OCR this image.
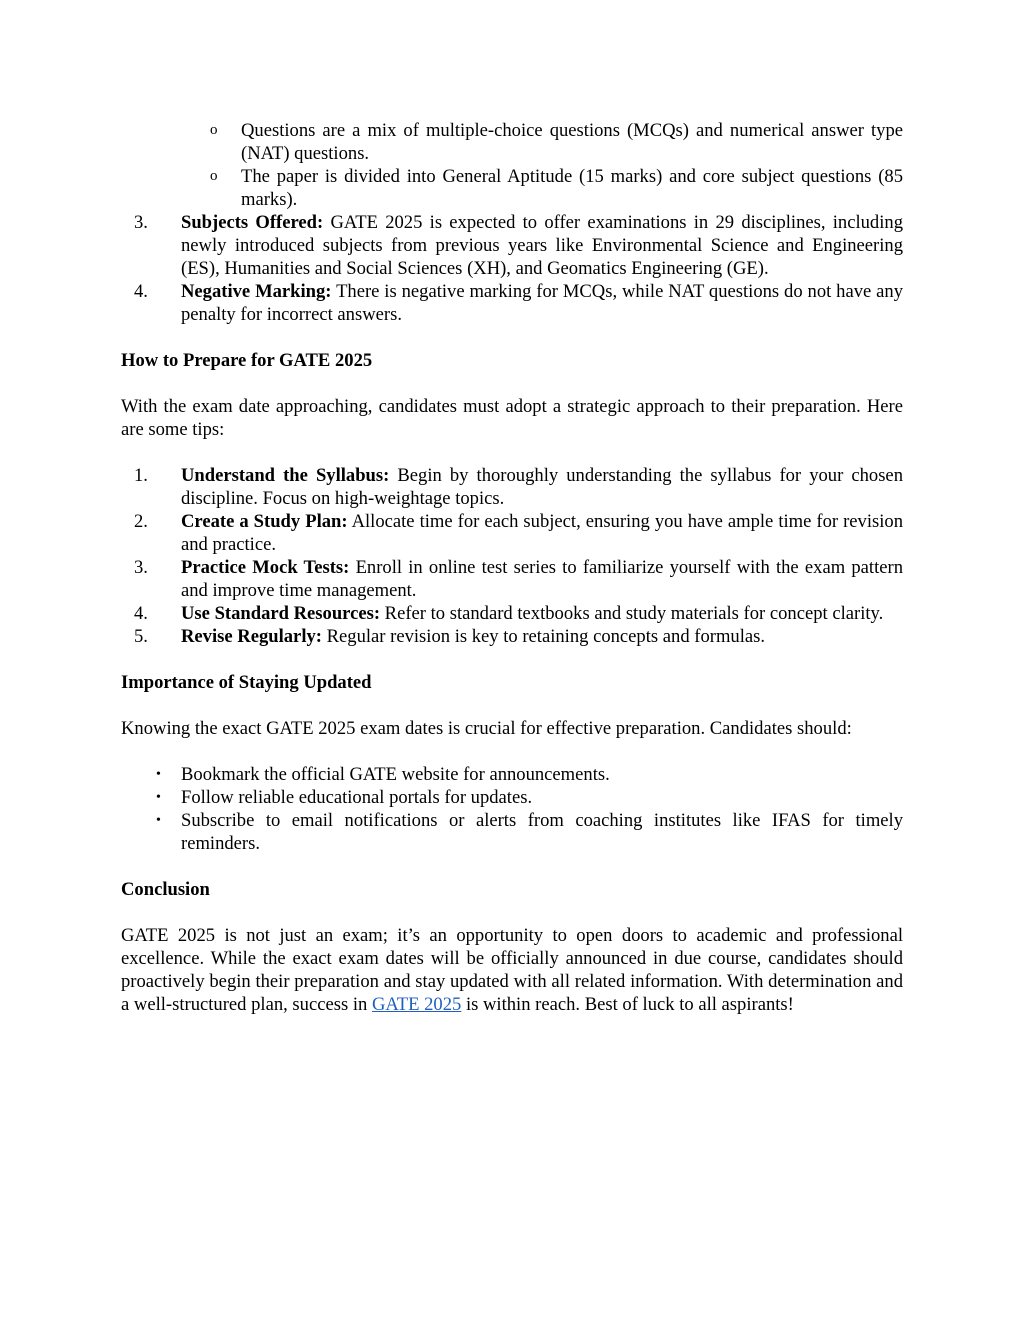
o	Questions are a mix of multiple-choice questions (MCQs) and numerical answer type (NAT) questions.
o	The paper is divided into General Aptitude (15 marks) and core subject questions (85 marks).
3.	Subjects Offered: GATE 2025 is expected to offer examinations in 29 disciplines, including newly introduced subjects from previous years like Environmental Science and Engineering (ES), Humanities and Social Sciences (XH), and Geomatics Engineering (GE).
4.	Negative Marking: There is negative marking for MCQs, while NAT questions do not have any penalty for incorrect answers.
How to Prepare for GATE 2025
With the exam date approaching, candidates must adopt a strategic approach to their preparation. Here are some tips:
1.	Understand the Syllabus: Begin by thoroughly understanding the syllabus for your chosen discipline. Focus on high-weightage topics.
2.	Create a Study Plan: Allocate time for each subject, ensuring you have ample time for revision and practice.
3.	Practice Mock Tests: Enroll in online test series to familiarize yourself with the exam pattern and improve time management.
4.	Use Standard Resources: Refer to standard textbooks and study materials for concept clarity.
5.	Revise Regularly: Regular revision is key to retaining concepts and formulas.
Importance of Staying Updated
Knowing the exact GATE 2025 exam dates is crucial for effective preparation. Candidates should:
•	Bookmark the official GATE website for announcements.
•	Follow reliable educational portals for updates.
•	Subscribe to email notifications or alerts from coaching institutes like IFAS for timely reminders.
Conclusion
GATE 2025 is not just an exam; it’s an opportunity to open doors to academic and professional excellence. While the exact exam dates will be officially announced in due course, candidates should proactively begin their preparation and stay updated with all related information. With determination and a well-structured plan, success in GATE 2025 is within reach. Best of luck to all aspirants!
